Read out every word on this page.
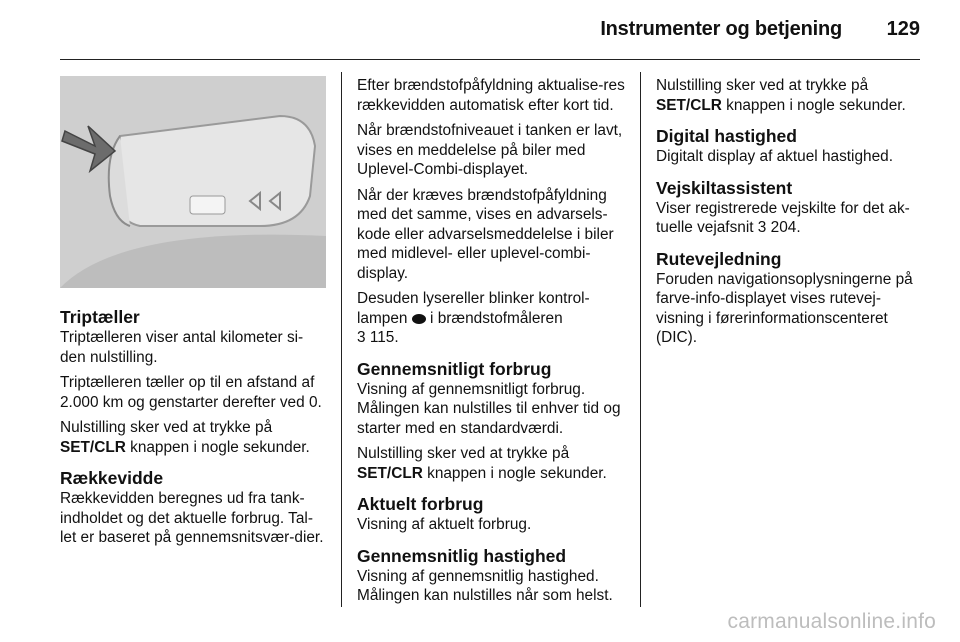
Instrumenter og betjening 129
Triptæller

Triptælleren viser antal kilometer si-den nulstilling.

Triptælleren tæller op til en afstand af 2.000 km og genstarter derefter ved 0.

Nulstilling sker ved at trykke på SET/CLR knappen i nogle sekunder.

Rækkevidde

Rækkevidden beregnes ud fra tank-indholdet og det aktuelle forbrug. Tal-let er baseret på gennemsnitsvær-dier.

Efter brændstofpåfyldning aktualise-res rækkevidden automatisk efter kort tid.

Når brændstofniveauet i tanken er lavt, vises en meddelelse på biler med Uplevel-Combi-displayet.

Når der kræves brændstofpåfyldning med det samme, vises en advarsels-kode eller advarselsmeddelelse i biler med midlevel- eller uplevel-combi-display.

Desuden lysereller blinker kontrol-lampen  i brændstofmåleren
3 115.

Gennemsnitligt forbrug

Visning af gennemsnitligt forbrug. Målingen kan nulstilles til enhver tid og starter med en standardværdi.

Nulstilling sker ved at trykke på SET/CLR knappen i nogle sekunder.

Aktuelt forbrug

Visning af aktuelt forbrug.

Gennemsnitlig hastighed

Visning af gennemsnitlig hastighed. Målingen kan nulstilles når som helst.

Nulstilling sker ved at trykke på SET/CLR knappen i nogle sekunder.

Digital hastighed

Digitalt display af aktuel hastighed.

Vejskiltassistent

Viser registrerede vejskilte for det ak-tuelle vejafsnit 3 204.

Rutevejledning

Foruden navigationsoplysningerne på farve-info-displayet vises rutevej-visning i førerinformationscenteret (DIC).

carmanualsonline.info
